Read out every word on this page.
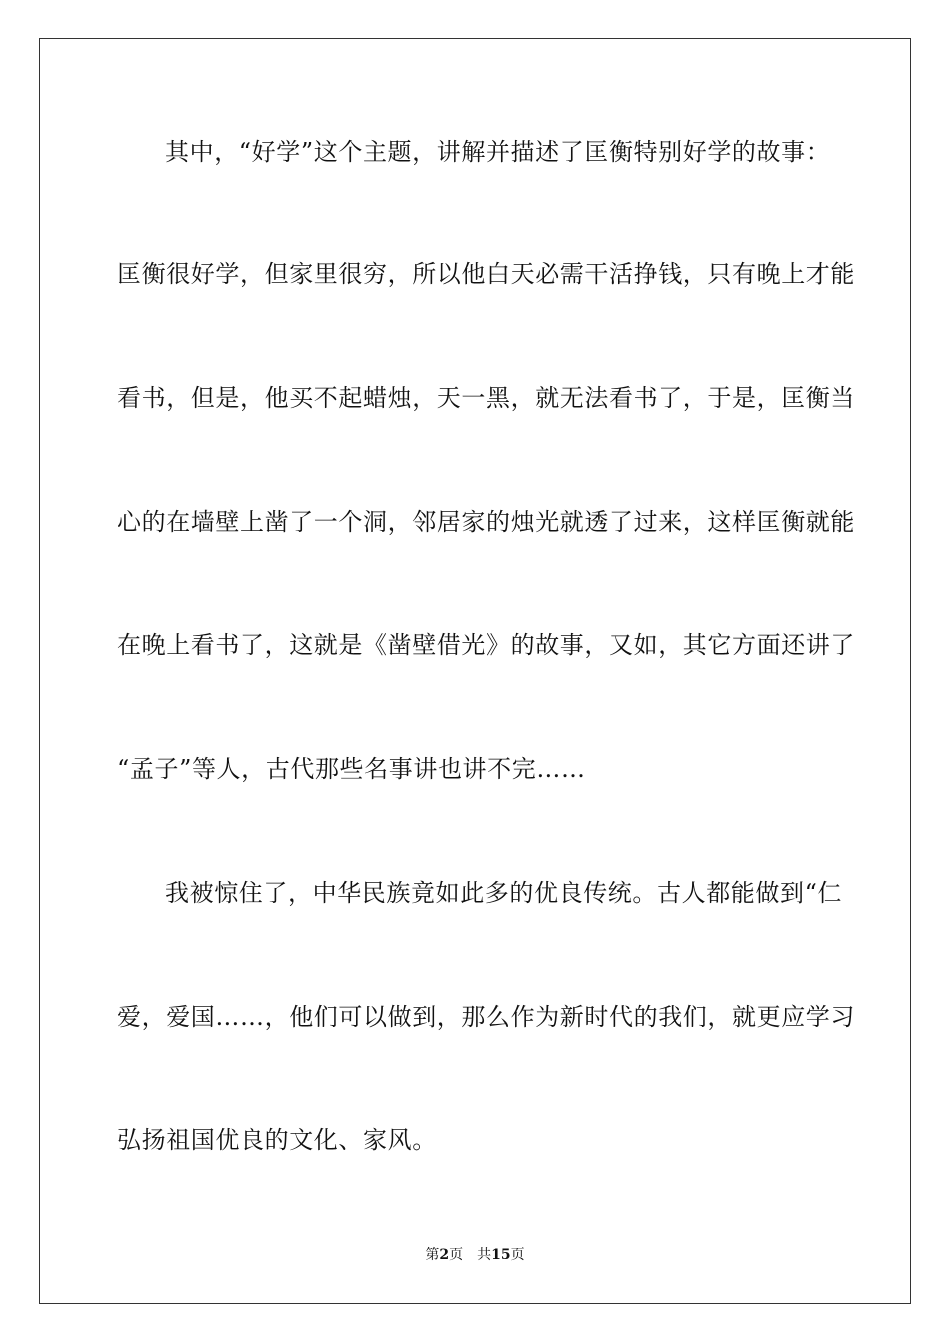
其中，“好学”这个主题，讲解并描述了匡衡特别好学的故事：
匡衡很好学，但家里很穷，所以他白天必需干活挣钱，只有晚上才能
看书，但是，他买不起蜡烛，天一黑，就无法看书了，于是，匡衡当
心的在墙壁上凿了一个洞，邻居家的烛光就透了过来，这样匡衡就能
在晚上看书了，这就是《凿壁借光》的故事，又如，其它方面还讲了
“孟子”等人，古代那些名事讲也讲不完……
我被惊住了，中华民族竟如此多的优良传统。古人都能做到“仁
爱，爱国……，他们可以做到，那么作为新时代的我们，就更应学习
弘扬祖国优良的文化、家风。
第2页 共15页
